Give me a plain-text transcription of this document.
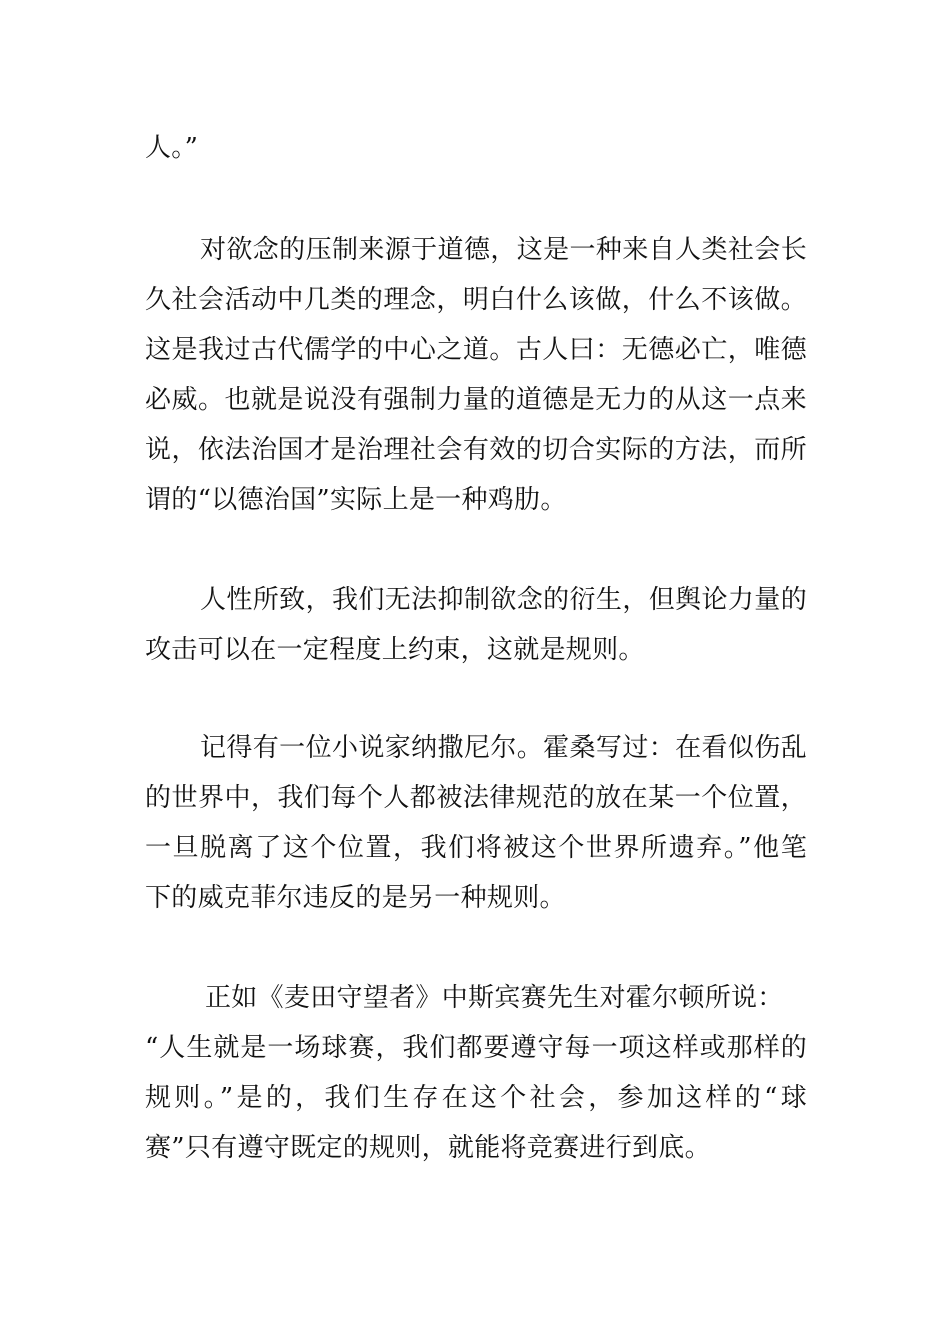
人。”
对欲念的压制来源于道德，这是一种来自人类社会长
久社会活动中几类的理念，明白什么该做，什么不该做。
这是我过古代儒学的中心之道。古人曰：无德必亡，唯德
必威。也就是说没有强制力量的道德是无力的从这一点来
说，依法治国才是治理社会有效的切合实际的方法，而所
谓的“以德治国”实际上是一种鸡肋。
人性所致，我们无法抑制欲念的衍生，但舆论力量的
攻击可以在一定程度上约束，这就是规则。
记得有一位小说家纳撒尼尔。霍桑写过：在看似伤乱
的世界中，我们每个人都被法律规范的放在某一个位置，
一旦脱离了这个位置，我们将被这个世界所遗弃。”他笔
下的威克菲尔违反的是另一种规则。
正如《麦田守望者》中斯宾赛先生对霍尔顿所说：
“人生就是一场球赛，我们都要遵守每一项这样或那样的
规则。”是的，我们生存在这个社会，参加这样的“球
赛”只有遵守既定的规则，就能将竞赛进行到底。
